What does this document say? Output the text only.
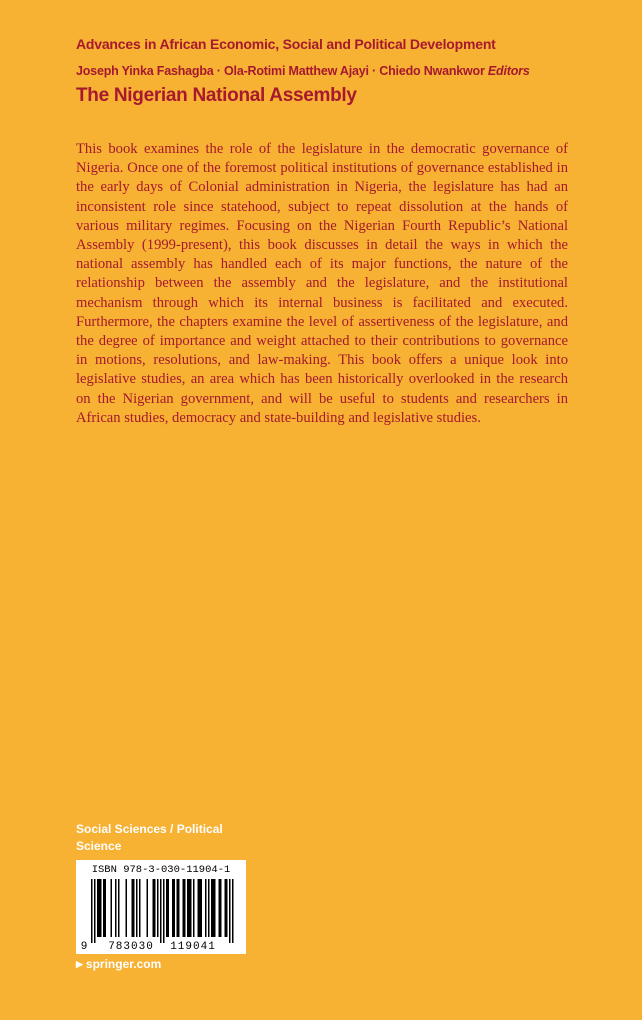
Advances in African Economic, Social and Political Development
Joseph Yinka Fashagba · Ola-Rotimi Matthew Ajayi · Chiedo Nwankwor Editors
The Nigerian National Assembly

This book examines the role of the legislature in the democratic governance of Nigeria. Once one of the foremost political institutions of governance established in the early days of Colonial administration in Nigeria, the legislature has had an inconsistent role since statehood, subject to repeat dissolution at the hands of various military regimes. Focusing on the Nigerian Fourth Republic’s National Assembly (1999-present), this book discusses in detail the ways in which the national assembly has handled each of its major functions, the nature of the relationship between the assembly and the legislature, and the institutional mechanism through which its internal business is facilitated and executed. Furthermore, the chapters examine the level of assertiveness of the legislature, and the degree of importance and weight attached to their contributions to governance in motions, resolutions, and law-making. This book offers a unique look into legislative studies, an area which has been historically overlooked in the research on the Nigerian government, and will be useful to students and researchers in African studies, democracy and state-building and legislative studies.

Social Sciences / Political Science
ISBN 978-3-030-11904-1
9 783030 119041
▶ springer.com
